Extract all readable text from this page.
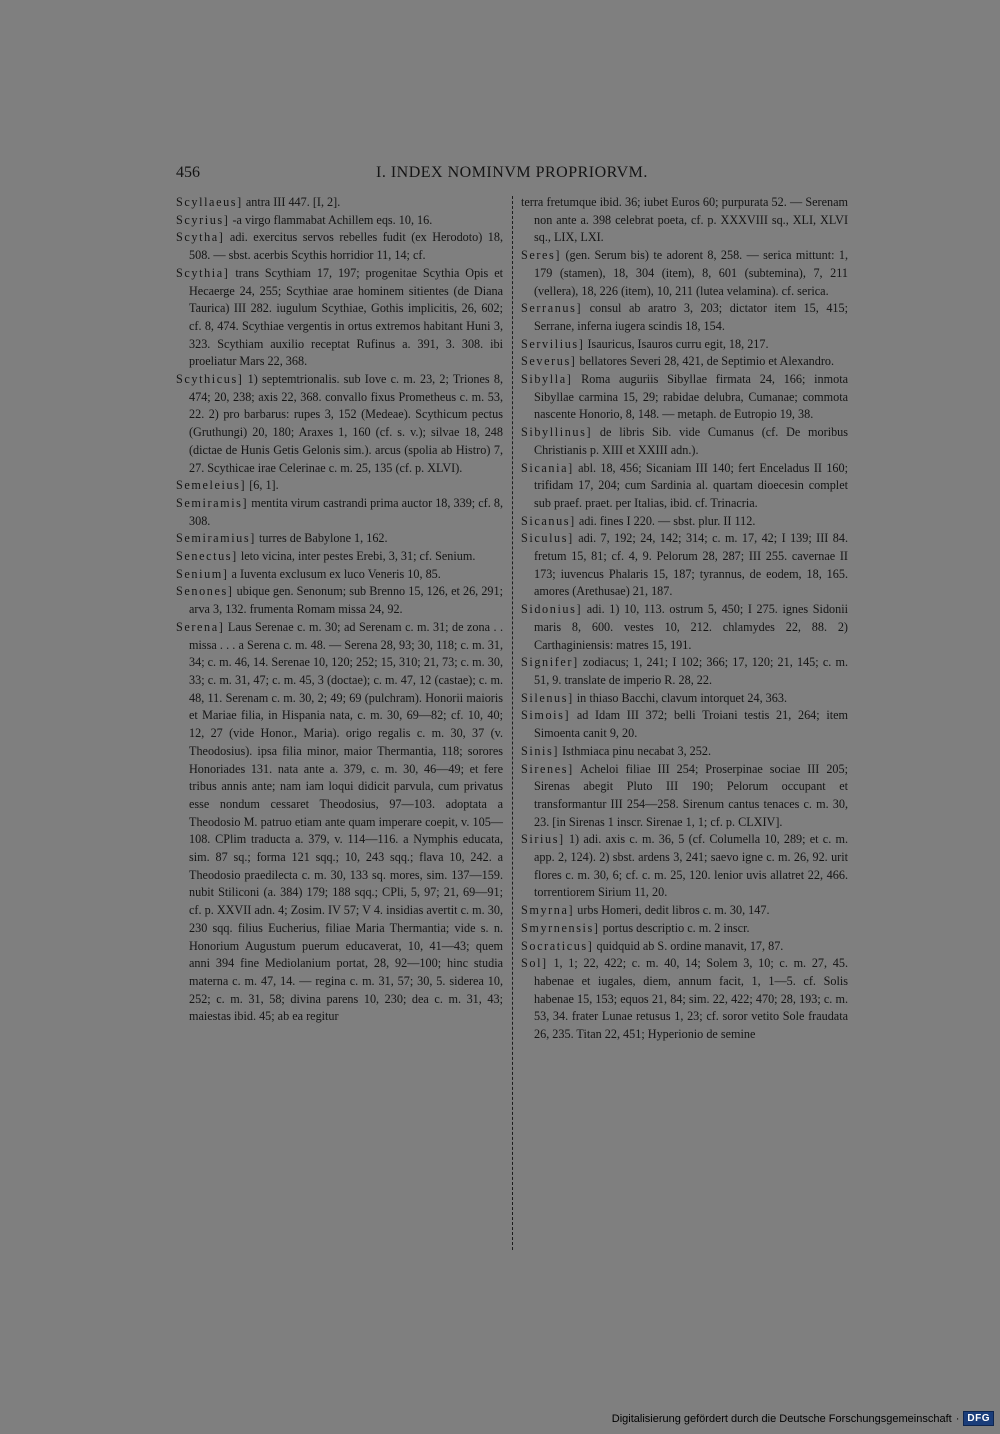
456	I. INDEX NOMINVM PROPRIORVM.
Scyllaeus] antra III 447. [I, 2].
Scyrius] -a virgo flammabat Achillem eqs. 10, 16.
Scytha] adi. exercitus servos rebelles fudit (ex Herodoto) 18, 508. — sbst. acerbis Scythis horridior 11, 14; cf.
Scythia] trans Scythiam 17, 197; progenitae Scythia Opis et Hecaerge 24, 255; Scythiae arae hominem sitientes (de Diana Taurica) III 282. iugulum Scythiae, Gothis implicitis, 26, 602; cf. 8, 474. Scythiae vergentis in ortus extremos habitant Huni 3, 323. Scythiam auxilio receptat Rufinus a. 391, 3. 308. ibi proeliatur Mars 22, 368.
Scythicus] 1) septemtrionalis. sub Iove c. m. 23, 2; Triones 8, 474; 20, 238; axis 22, 368. convallo fixus Prometheus c. m. 53, 22. 2) pro barbarus: rupes 3, 152 (Medeae). Scythicum pectus (Gruthungi) 20, 180; Araxes 1, 160 (cf. s. v.); silvae 18, 248 (dictae de Hunis Getis Gelonis sim.). arcus (spolia ab Histro) 7, 27. Scythicae irae Celerinae c. m. 25, 135 (cf. p. XLVI).
Semeleius] [6, 1].
Semiramis] mentita virum castrandi prima auctor 18, 339; cf. 8, 308.
Semiramius] turres de Babylone 1, 162.
Senectus] leto vicina, inter pestes Erebi, 3, 31; cf. Senium.
Senium] a Iuventa exclusum ex luco Veneris 10, 85.
Senones] ubique gen. Senonum; sub Brenno 15, 126, et 26, 291; arva 3, 132. frumenta Romam missa 24, 92.
Serena] Laus Serenae c. m. 30; ad Serenam c. m. 31; de zona . . missa . . . a Serena c. m. 48. — Serena 28, 93; 30, 118; c. m. 31, 34; c. m. 46, 14. Serenae 10, 120; 252; 15, 310; 21, 73; c. m. 30, 33; c. m. 31, 47; c. m. 45, 3 (doctae); c. m. 47, 12 (castae); c. m. 48, 11. Serenam c. m. 30, 2; 49; 69 (pulchram). Honorii maioris et Mariae filia, in Hispania nata, c. m. 30, 69—82; cf. 10, 40; 12, 27 (vide Honor., Maria). origo regalis c. m. 30, 37 (v. Theodosius). ipsa filia minor, maior Thermantia, 118; sorores Honoriades 131. nata ante a. 379, c. m. 30, 46—49; et fere tribus annis ante; nam iam loqui didicit parvula, cum privatus esse nondum cessaret Theodosius, 97—103. adoptata a Theodosio M. patruo etiam ante quam imperare coepit, v. 105—108. CPlim traducta a. 379, v. 114—116. a Nymphis educata, sim. 87 sq.; forma 121 sqq.; 10, 243 sqq.; flava 10, 242. a Theodosio praedilecta c. m. 30, 133 sq. mores, sim. 137—159. nubit Stiliconi (a. 384) 179; 188 sqq.; CPli, 5, 97; 21, 69—91; cf. p. XXVII adn. 4; Zosim. IV 57; V 4. insidias avertit c. m. 30, 230 sqq. filius Eucherius, filiae Maria Thermantia; vide s. n. Honorium Augustum puerum educaverat, 10, 41—43; quem anni 394 fine Mediolanium portat, 28, 92—100; hinc studia materna c. m. 47, 14. — regina c. m. 31, 57; 30, 5. siderea 10, 252; c. m. 31, 58; divina parens 10, 230; dea c. m. 31, 43; maiestas ibid. 45; ab ea regitur
terra fretumque ibid. 36; iubet Euros 60; purpurata 52. — Serenam non ante a. 398 celebrat poeta, cf. p. XXXVIII sq., XLI, XLVI sq., LIX, LXI.
Seres] (gen. Serum bis) te adorent 8, 258. — serica mittunt: 1, 179 (stamen), 18, 304 (item), 8, 601 (subtemina), 7, 211 (vellera), 18, 226 (item), 10, 211 (lutea velamina). cf. serica.
Serranus] consul ab aratro 3, 203; dictator item 15, 415; Serrane, inferna iugera scindis 18, 154.
Servilius] Isauricus, Isauros curru egit, 18, 217.
Severus] bellatores Severi 28, 421, de Septimio et Alexandro.
Sibylla] Roma auguriis Sibyllae firmata 24, 166; inmota Sibyllae carmina 15, 29; rabidae delubra, Cumanae; commota nascente Honorio, 8, 148. — metaph. de Eutropio 19, 38.
Sibyllinus] de libris Sib. vide Cumanus (cf. De moribus Christianis p. XIII et XXIII adn.).
Sicania] abl. 18, 456; Sicaniam III 140; fert Enceladus II 160; trifidam 17, 204; cum Sardinia al. quartam dioecesin complet sub praef. praet. per Italias, ibid. cf. Trinacria.
Sicanus] adi. fines I 220. — sbst. plur. II 112.
Siculus] adi. 7, 192; 24, 142; 314; c. m. 17, 42; I 139; III 84. fretum 15, 81; cf. 4, 9. Pelorum 28, 287; III 255. cavernae II 173; iuvencus Phalaris 15, 187; tyrannus, de eodem, 18, 165. amores (Arethusae) 21, 187.
Sidonius] adi. 1) 10, 113. ostrum 5, 450; I 275. ignes Sidonii maris 8, 600. vestes 10, 212. chlamydes 22, 88. 2) Carthaginiensis: matres 15, 191.
Signifer] zodiacus; 1, 241; I 102; 366; 17, 120; 21, 145; c. m. 51, 9. translate de imperio R. 28, 22.
Silenus] in thiaso Bacchi, clavum intorquet 24, 363.
Simois] ad Idam III 372; belli Troiani testis 21, 264; item Simoenta canit 9, 20.
Sinis] Isthmiaca pinu necabat 3, 252.
Sirenes] Acheloi filiae III 254; Proserpinae sociae III 205; Sirenas abegit Pluto III 190; Pelorum occupant et transformantur III 254—258. Sirenum cantus tenaces c. m. 30, 23. [in Sirenas 1 inscr. Sirenae 1, 1; cf. p. CLXIV].
Sirius] 1) adi. axis c. m. 36, 5 (cf. Columella 10, 289; et c. m. app. 2, 124). 2) sbst. ardens 3, 241; saevo igne c. m. 26, 92. urit flores c. m. 30, 6; cf. c. m. 25, 120. lenior uvis allatret 22, 466. torrentiorem Sirium 11, 20.
Smyrna] urbs Homeri, dedit libros c. m. 30, 147.
Smyrnensis] portus descriptio c. m. 2 inscr.
Socraticus] quidquid ab S. ordine manavit, 17, 87.
Sol] 1, 1; 22, 422; c. m. 40, 14; Solem 3, 10; c. m. 27, 45. habenae et iugales, diem, annum facit, 1, 1—5. cf. Solis habenae 15, 153; equos 21, 84; sim. 22, 422; 470; 28, 193; c. m. 53, 34. frater Lunae retusus 1, 23; cf. soror vetito Sole fraudata 26, 235. Titan 22, 451; Hyperionio de semine
Digitalisierung gefördert durch die Deutsche Forschungsgemeinschaft · DFG
